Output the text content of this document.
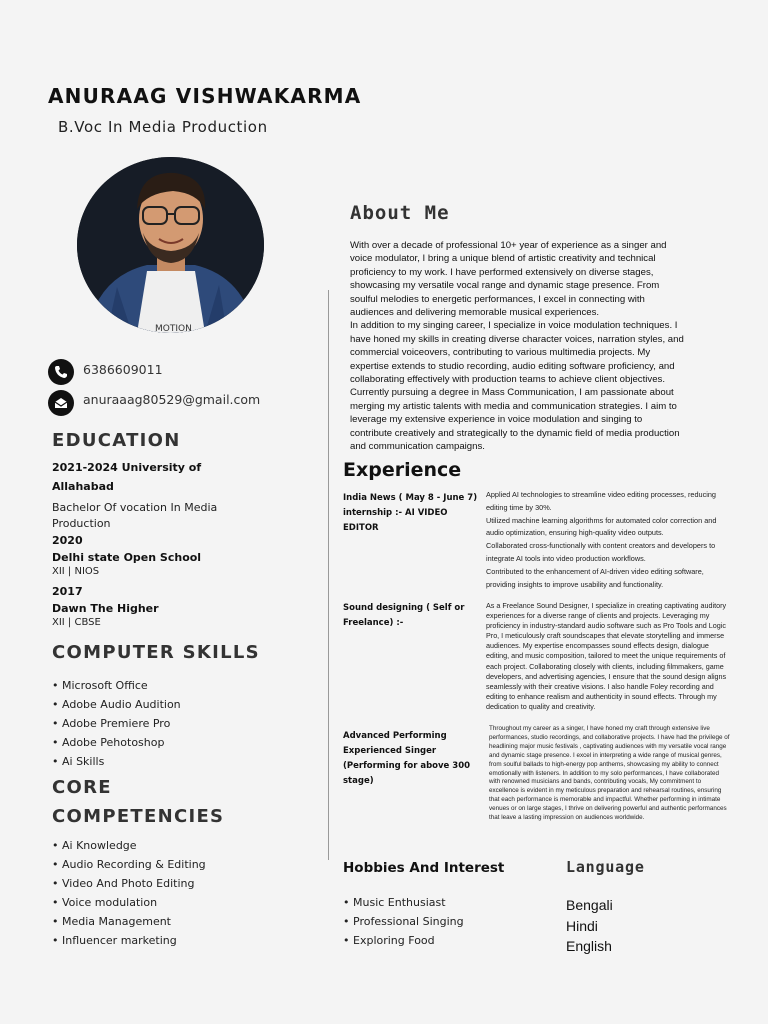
ANURAAG VISHWAKARMA
B.Voc In Media Production
MOTION
6386609011
anuraaag80529@gmail.com
EDUCATION
2021-2024 University of
Allahabad
Bachelor Of vocation In Media
Production
2020
Delhi state Open School
XII | NIOS
2017
Dawn The Higher
XII | CBSE
COMPUTER SKILLS
• Microsoft Office
• Adobe Audio Audition
• Adobe Premiere Pro
• Adobe Pehotoshop
• Ai Skills
CORE
COMPETENCIES
• Ai Knowledge
• Audio Recording & Editing
• Video And Photo Editing
• Voice modulation
• Media Management
• Influencer marketing
About Me
With over a decade of professional 10+ year of experience as a singer and
voice modulator, I bring a unique blend of artistic creativity and technical
proficiency to my work. I have performed extensively on diverse stages,
showcasing my versatile vocal range and dynamic stage presence. From
soulful melodies to energetic performances, I excel in connecting with
audiences and delivering memorable musical experiences.
In addition to my singing career, I specialize in voice modulation techniques. I
have honed my skills in creating diverse character voices, narration styles, and
commercial voiceovers, contributing to various multimedia projects. My
expertise extends to studio recording, audio editing software proficiency, and
collaborating effectively with production teams to achieve client objectives.
Currently pursuing a degree in Mass Communication, I am passionate about
merging my artistic talents with media and communication strategies. I aim to
leverage my extensive experience in voice modulation and singing to
contribute creatively and strategically to the dynamic field of media production
and communication campaigns.
Experience
India News ( May 8 - June 7)
internship :- AI VIDEO
EDITOR
Applied AI technologies to streamline video editing processes, reducing
editing time by 30%.
Utilized machine learning algorithms for automated color correction and
audio optimization, ensuring high-quality video outputs.
Collaborated cross-functionally with content creators and developers to
integrate AI tools into video production workflows.
Contributed to the enhancement of AI-driven video editing software,
providing insights to improve usability and functionality.
Sound designing ( Self or
Freelance) :-
As a Freelance Sound Designer, I specialize in creating captivating auditory
experiences for a diverse range of clients and projects. Leveraging my
proficiency in industry-standard audio software such as Pro Tools and Logic
Pro, I meticulously craft soundscapes that elevate storytelling and immerse
audiences. My expertise encompasses sound effects design, dialogue
editing, and music composition, tailored to meet the unique requirements of
each project. Collaborating closely with clients, including filmmakers, game
developers, and advertising agencies, I ensure that the sound design aligns
seamlessly with their creative visions. I also handle Foley recording and
editing to enhance realism and authenticity in sound effects. Through my
dedication to quality and creativity.
Advanced Performing
Experienced Singer
(Performing for above 300
stage)
Throughout my career as a singer, I have honed my craft through extensive live
performances, studio recordings, and collaborative projects. I have had the privilege of
headlining major music festivals , captivating audiences with my versatile vocal range
and dynamic stage presence. I excel in interpreting a wide range of musical genres,
from soulful ballads to high-energy pop anthems, showcasing my ability to connect
emotionally with listeners. In addition to my solo performances, I have collaborated
with renowned musicians and bands, contributing vocals, My commitment to
excellence is evident in my meticulous preparation and rehearsal routines, ensuring
that each performance is memorable and impactful. Whether performing in intimate
venues or on large stages, I thrive on delivering powerful and authentic performances
that leave a lasting impression on audiences worldwide.
Hobbies And Interest
• Music Enthusiast
• Professional Singing
• Exploring Food
Language
Bengali
Hindi
English
